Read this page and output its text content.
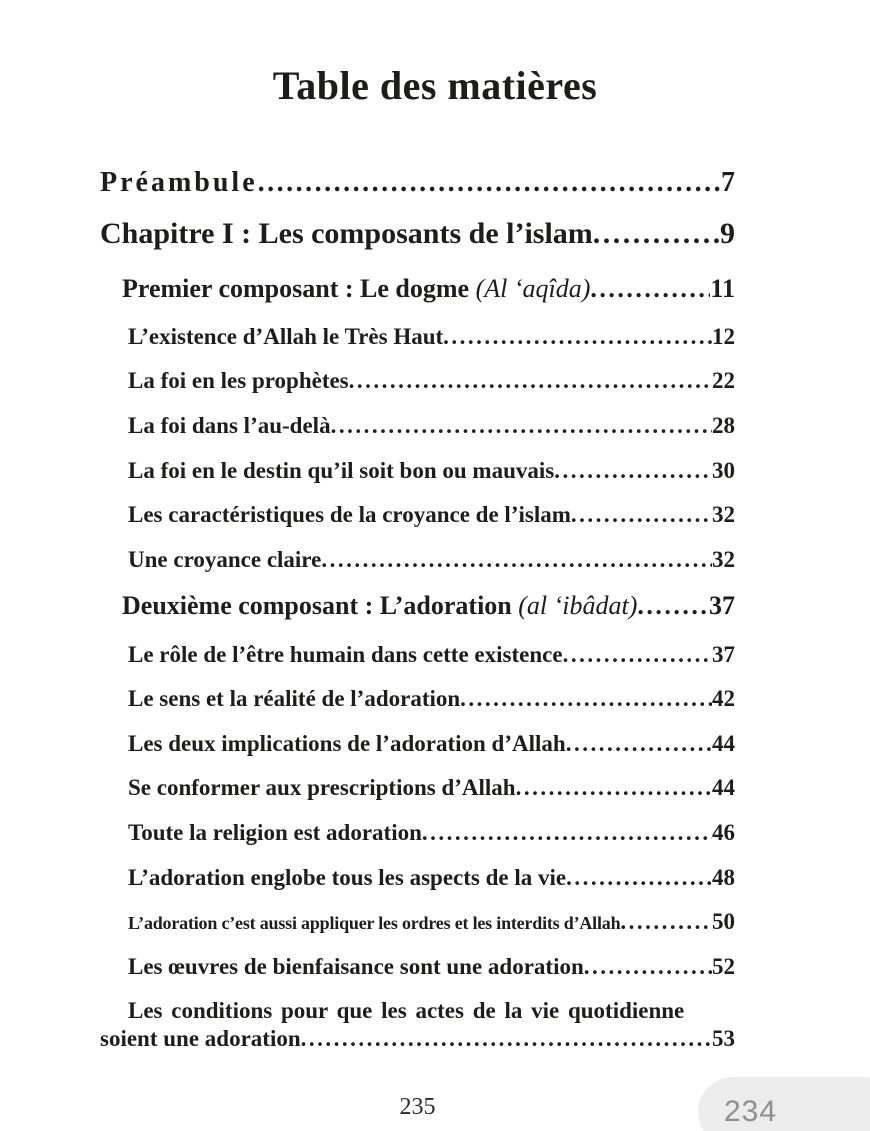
Table des matières
Préambule .....	7
Chapitre I : Les composants de l’islam .....	9
Premier composant : Le dogme (Al ‘aqîda) .....	11
L’existence d’Allah le Très Haut .....	12
La foi en les prophètes .....	22
La foi dans l’au-delà .....	28
La foi en le destin qu’il soit bon ou mauvais .....	30
Les caractéristiques de la croyance de l’islam .....	32
Une croyance claire .....	32
Deuxième composant : L’adoration (al ‘ibâdat) .....	37
Le rôle de l’être humain dans cette existence .....	37
Le sens et la réalité de l’adoration .....	42
Les deux implications de l’adoration d’Allah .....	44
Se conformer aux prescriptions d’Allah .....	44
Toute la religion est adoration .....	46
L’adoration englobe tous les aspects de la vie .....	48
L’adoration c’est aussi appliquer les ordres et les interdits d’Allah .....	50
Les œuvres de bienfaisance sont une adoration .....	52
Les conditions pour que les actes de la vie quotidienne
soient une adoration .....	53
235	234
